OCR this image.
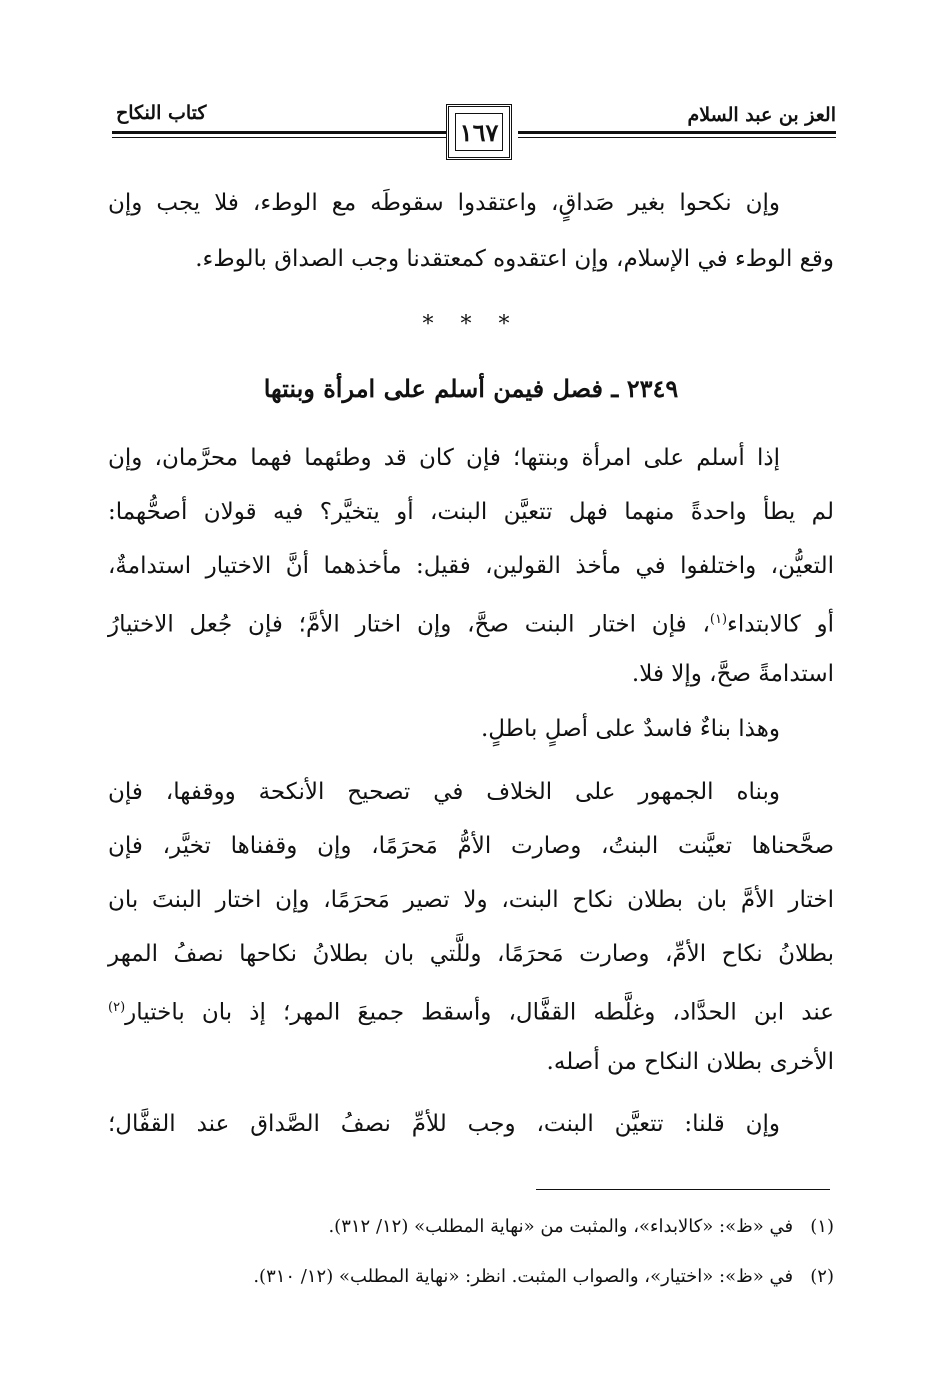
العز بن عبد السلام
كتاب النكاح
١٦٧
وإن نكحوا بغير صَداقٍ، واعتقدوا سقوطَه مع الوطء، فلا يجب وإن
وقع الوطء في الإسلام، وإن اعتقدوه كمعتقدنا وجب الصداق بالوطء.
* * *
٢٣٤٩ ـ فصل فيمن أسلم على امرأة وبنتها
إذا أسلم على امرأة وبنتها؛ فإن كان قد وطئهما فهما محرَّمان، وإن
لم يطأ واحدةً منهما فهل تتعيَّن البنت، أو يتخيَّر؟ فيه قولان أصحُّهما:
التعيُّن، واختلفوا في مأخذ القولين، فقيل: مأخذهما أنَّ الاختيار استدامةٌ،
أو كالابتداء$^{(١)}$، فإن اختار البنت صحَّ، وإن اختار الأمَّ؛ فإن جُعل الاختيارُ
استدامةً صحَّ، وإلا فلا.
وهذا بناءٌ فاسدٌ على أصلٍ باطلٍ.
وبناه الجمهور على الخلاف في تصحيح الأنكحة ووقفها، فإن
صحَّحناها تعيَّنت البنتُ، وصارت الأمُّ مَحرَمًا، وإن وقفناها تخيَّر، فإن
اختار الأمَّ بان بطلان نكاح البنت، ولا تصير مَحرَمًا، وإن اختار البنتَ بان
بطلانُ نكاح الأمِّ، وصارت مَحرَمًا، وللَّتي بان بطلانُ نكاحها نصفُ المهر
عند ابن الحدَّاد، وغلَّطه القفَّال، وأسقط جميعَ المهر؛ إذ بان باختيار$^{(٢)}$
الأخرى بطلان النكاح من أصله.
وإن قلنا: تتعيَّن البنت، وجب للأمِّ نصفُ الصَّداق عند القفَّال؛
(١)   في «ظ»: «كالابداء»، والمثبت من «نهاية المطلب» (١٢/ ٣١٢).
(٢)   في «ظ»: «اختيار»، والصواب المثبت. انظر: «نهاية المطلب» (١٢/ ٣١٠).
